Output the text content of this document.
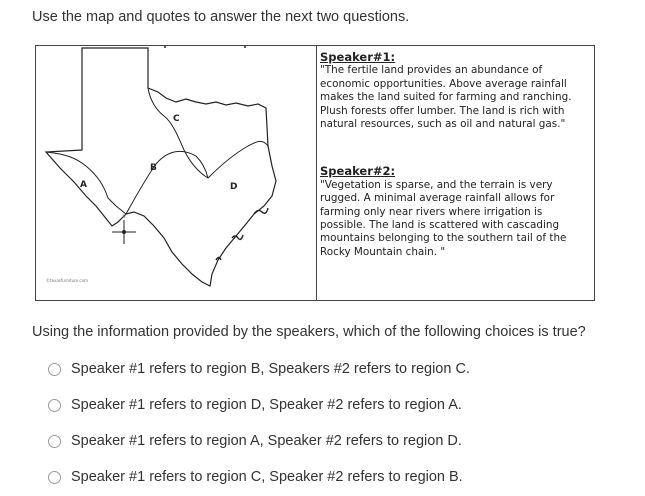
Use the map and quotes to answer the next two questions.
N
A
B
C
D
©texasfurniture.com
Speaker#1:
"The fertile land provides an abundance of economic opportunities. Above average rainfall makes the land suited for farming and ranching. Plush forests offer lumber. The land is rich with natural resources, such as oil and natural gas."
Speaker#2:
"Vegetation is sparse, and the terrain is very rugged. A minimal average rainfall allows for farming only near rivers where irrigation is possible. The land is scattered with cascading mountains belonging to the southern tail of the Rocky Mountain chain. "
Using the information provided by the speakers, which of the following choices is true?
Speaker #1 refers to region B, Speakers #2 refers to region C.
Speaker #1 refers to region D, Speaker #2 refers to region A.
Speaker #1 refers to region A, Speaker #2 refers to region D.
Speaker #1 refers to region C, Speaker #2 refers to region B.
